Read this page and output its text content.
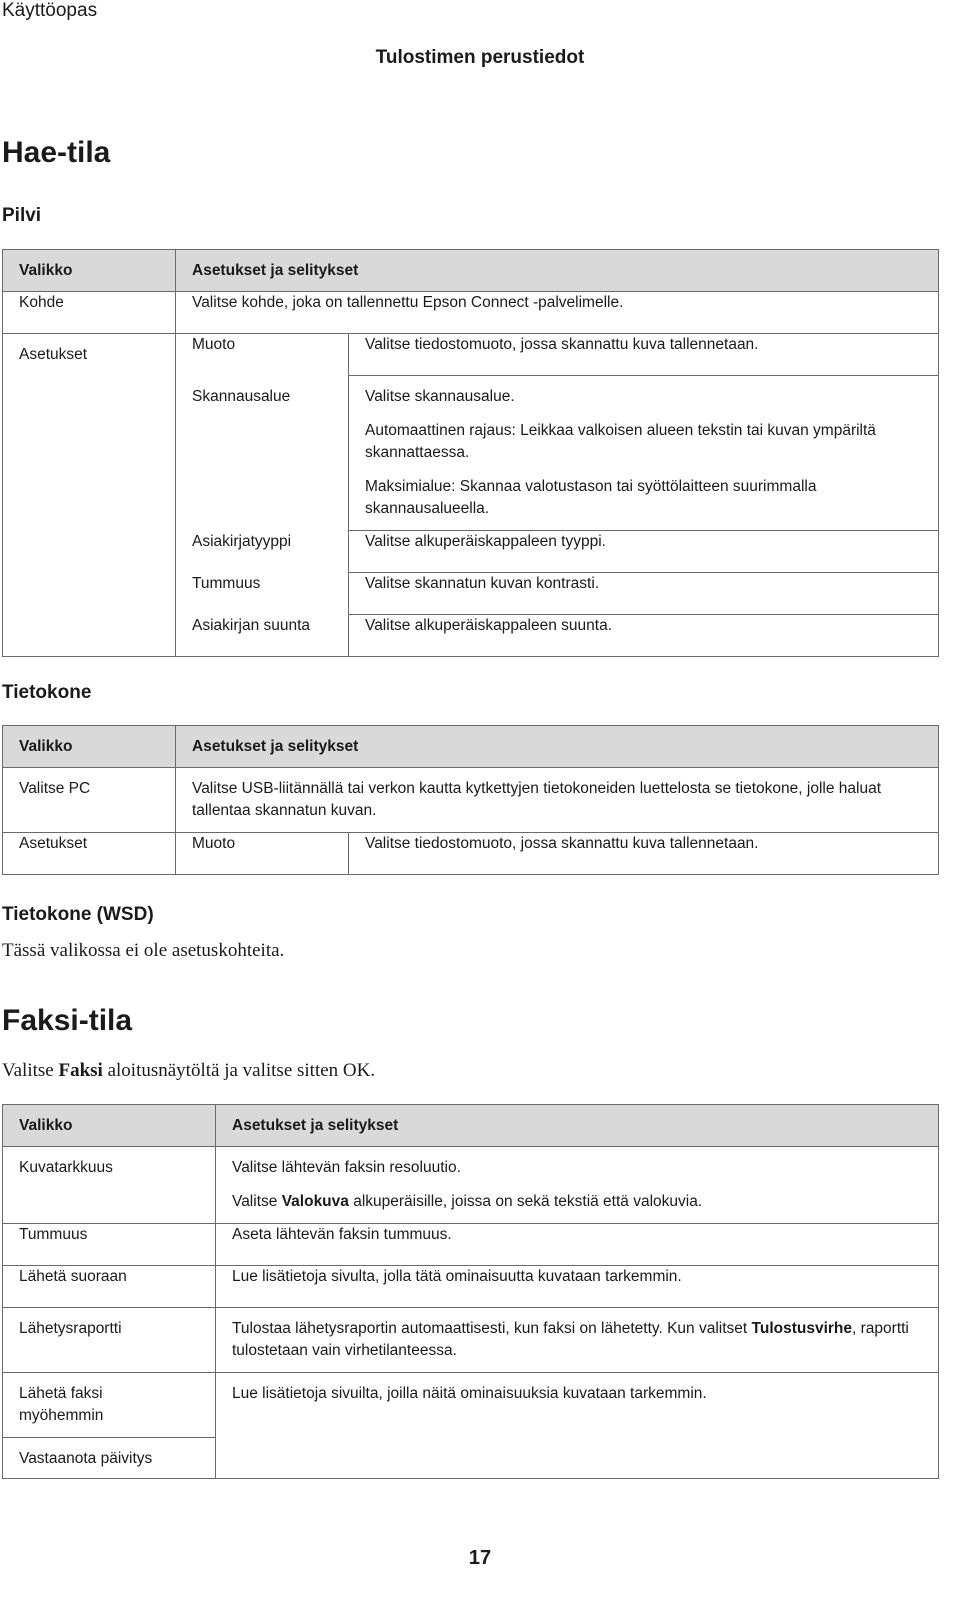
Käyttöopas
Tulostimen perustiedot
Hae-tila
Pilvi
Valikko	Asetukset ja selitykset	
Kohde	Valitse kohde, joka on tallennettu Epson Connect -palvelimelle.	
Asetukset	Muoto	Valitse tiedostomuoto, jossa skannattu kuva tallennetaan.
	Skannausalue	Valitse skannausalue.
Automaattinen rajaus: Leikkaa valkoisen alueen tekstin tai kuvan ympäriltä skannattaessa.
Maksimialue: Skannaa valotustason tai syöttölaitteen suurimmalla skannausalueella.

	Asiakirjatyyppi	Valitse alkuperäiskappaleen tyyppi.
	Tummuus	Valitse skannatun kuvan kontrasti.
	Asiakirjan suunta	Valitse alkuperäiskappaleen suunta.
Tietokone
Valikko	Asetukset ja selitykset	
Valitse PC	Valitse USB-liitännällä tai verkon kautta kytkettyjen tietokoneiden luettelosta se tietokone, jolle haluat tallentaa skannatun kuvan.	
Asetukset	Muoto	Valitse tiedostomuoto, jossa skannattu kuva tallennetaan.
Tietokone (WSD)
Tässä valikossa ei ole asetuskohteita.
Faksi-tila
Valitse Faksi aloitusnäytöltä ja valitse sitten OK.
Valikko	Asetukset ja selitykset
Kuvatarkkuus	Valitse lähtevän faksin resoluutio.
Valitse Valokuva alkuperäisille, joissa on sekä tekstiä että valokuvia.

Tummuus	Aseta lähtevän faksin tummuus.
Lähetä suoraan	Lue lisätietoja sivulta, jolla tätä ominaisuutta kuvataan tarkemmin.
Lähetysraportti	Tulostaa lähetysraportin automaattisesti, kun faksi on lähetetty. Kun valitset Tulostusvirhe, raportti tulostetaan vain virhetilanteessa.
Lähetä faksi myöhemmin	Lue lisätietoja sivuilta, joilla näitä ominaisuuksia kuvataan tarkemmin.
Vastaanota päivitys	
17
